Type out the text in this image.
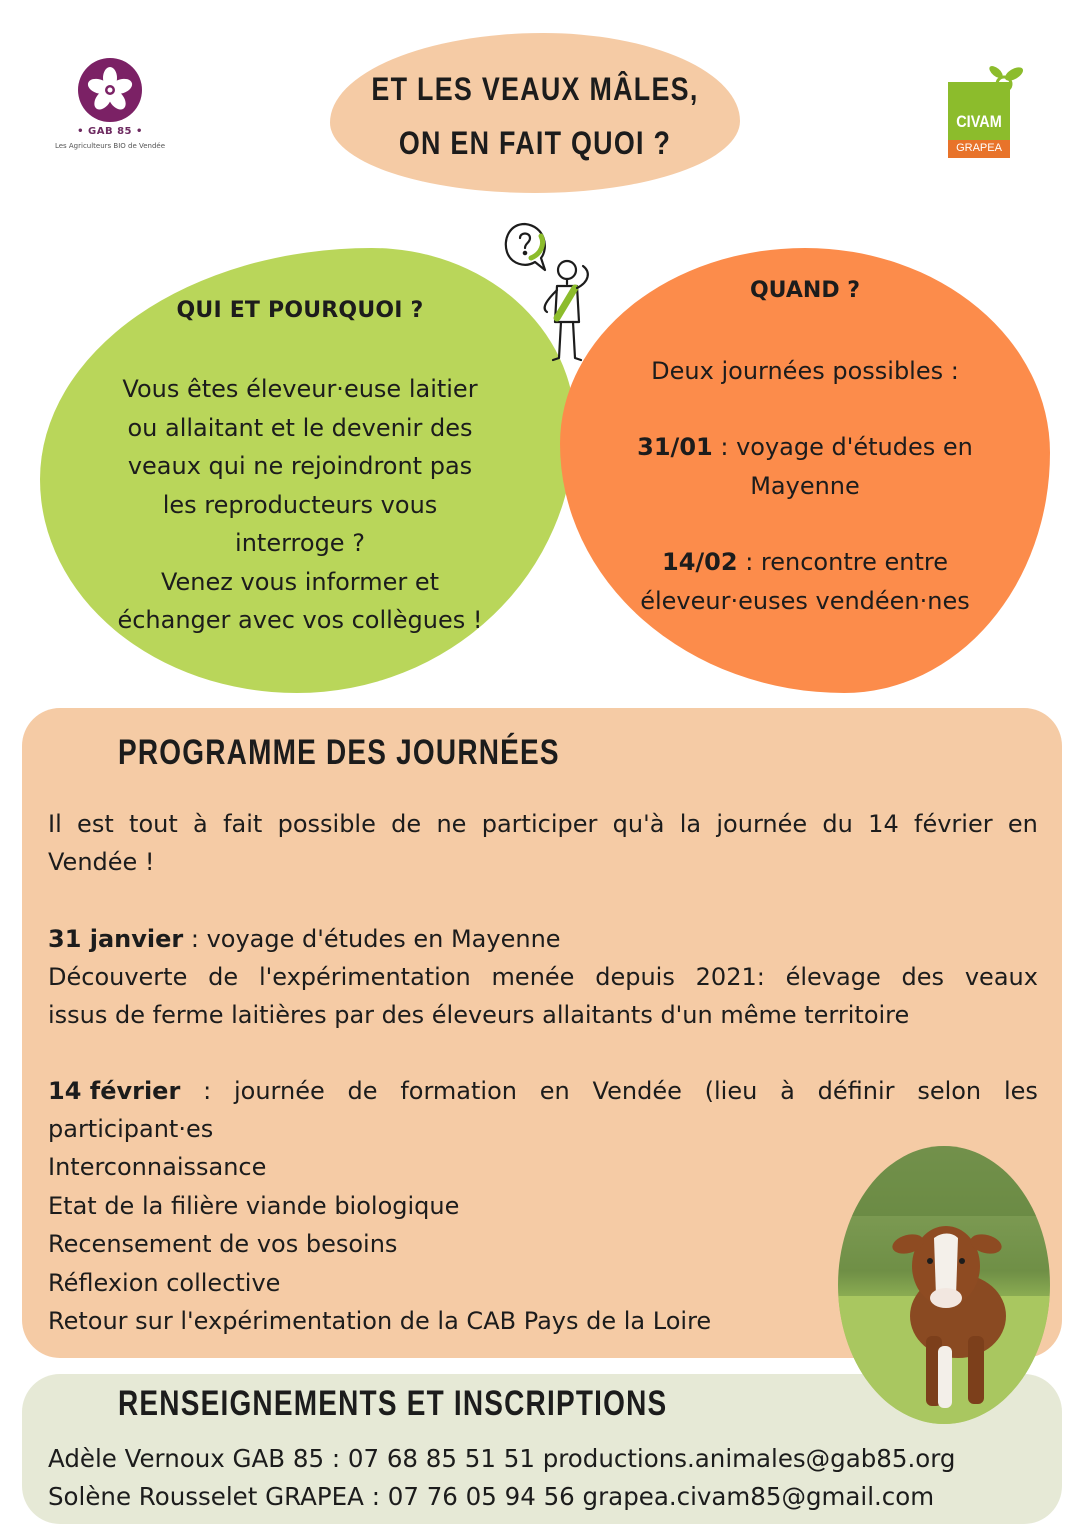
ET LES VEAUX MÂLES,
ON EN FAIT QUOI ?
• GAB 85 •
Les Agriculteurs BIO de Vendée
CIVAM
GRAPEA
QUI ET POURQUOI ?
Vous êtes éleveur·euse laitier
ou allaitant et le devenir des
veaux qui ne rejoindront pas
les reproducteurs vous
interroge ?
Venez vous informer et
échanger avec vos collègues !
QUAND ?
Deux journées possibles :
31/01 : voyage d'études en
Mayenne
14/02 : rencontre entre
éleveur·euses vendéen·nes
PROGRAMME DES JOURNÉES
Il est tout à fait possible de ne participer qu'à la journée du 14 février en
Vendée !
31 janvier : voyage d'études en Mayenne
Découverte de l'expérimentation menée depuis 2021: élevage des veaux
issus de ferme laitières par des éleveurs allaitants d'un même territoire
14 février : journée de formation en Vendée (lieu à définir selon les
participant·es
Interconnaissance
Etat de la filière viande biologique
Recensement de vos besoins
Réflexion collective
Retour sur l'expérimentation de la CAB Pays de la Loire
RENSEIGNEMENTS ET INSCRIPTIONS
Adèle Vernoux GAB 85 : 07 68 85 51 51 productions.animales@gab85.org
Solène Rousselet GRAPEA : 07 76 05 94 56 grapea.civam85@gmail.com
